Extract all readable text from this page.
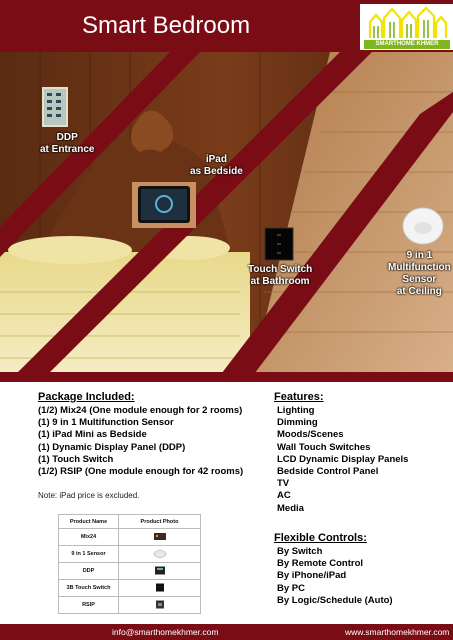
Smart Bedroom
SMARTHOME KHMER
DDP
at Entrance
iPad
as Bedside
Touch Switch
at Bathroom
9 in 1
Multifunction
Sensor
at Ceiling
Package Included:
(1/2) Mix24 (One module enough for 2 rooms)
(1) 9 in 1 Multifunction Sensor
(1) iPad Mini as Bedside
(1) Dynamic Display Panel (DDP)
(1) Touch Switch
(1/2) RSIP (One module enough for 42 rooms)
Note: iPad price is excluded.
Product Name	Product Photo
Mix24	
9 in 1 Sensor	
DDP	
3B Touch Switch	
RSIP	
Features:
Lighting
Dimming
Moods/Scenes
Wall Touch Switches
LCD Dynamic Display Panels
Bedside Control Panel
TV
AC
Media
Flexible Controls:
By Switch
By Remote Control
By iPhone/iPad
By PC
By Logic/Schedule (Auto)
info@smarthomekhmer.com	www.smarthomekhmer.com
